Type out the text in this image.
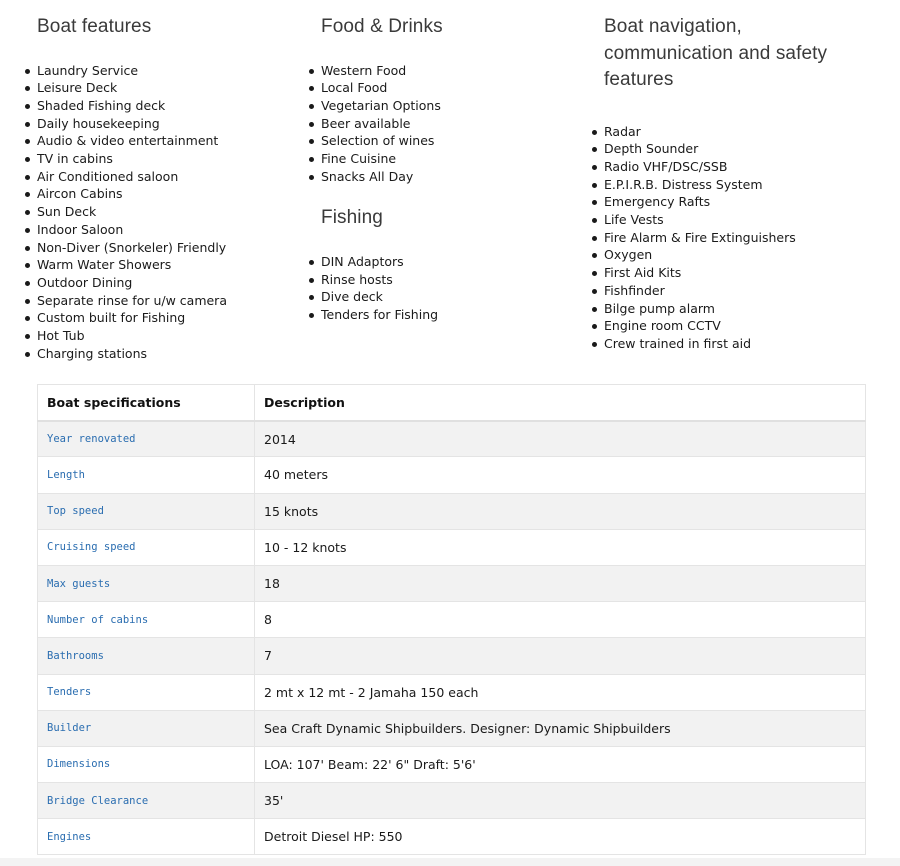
Boat features
Laundry Service
Leisure Deck
Shaded Fishing deck
Daily housekeeping
Audio & video entertainment
TV in cabins
Air Conditioned saloon
Aircon Cabins
Sun Deck
Indoor Saloon
Non-Diver (Snorkeler) Friendly
Warm Water Showers
Outdoor Dining
Separate rinse for u/w camera
Custom built for Fishing
Hot Tub
Charging stations
Food & Drinks
Western Food
Local Food
Vegetarian Options
Beer available
Selection of wines
Fine Cuisine
Snacks All Day
Fishing
DIN Adaptors
Rinse hosts
Dive deck
Tenders for Fishing
Boat navigation,
communication and safety
features
Radar
Depth Sounder
Radio VHF/DSC/SSB
E.P.I.R.B. Distress System
Emergency Rafts
Life Vests
Fire Alarm & Fire Extinguishers
Oxygen
First Aid Kits
Fishfinder
Bilge pump alarm
Engine room CCTV
Crew trained in first aid
Boat specifications	Description
Year renovated	2014
Length	40 meters
Top speed	15 knots
Cruising speed	10 - 12 knots
Max guests	18
Number of cabins	8
Bathrooms	7
Tenders	2 mt x 12 mt - 2 Jamaha 150 each
Builder	Sea Craft Dynamic Shipbuilders. Designer: Dynamic Shipbuilders
Dimensions	LOA: 107' Beam: 22' 6" Draft: 5'6'
Bridge Clearance	35'
Engines	Detroit Diesel HP: 550
